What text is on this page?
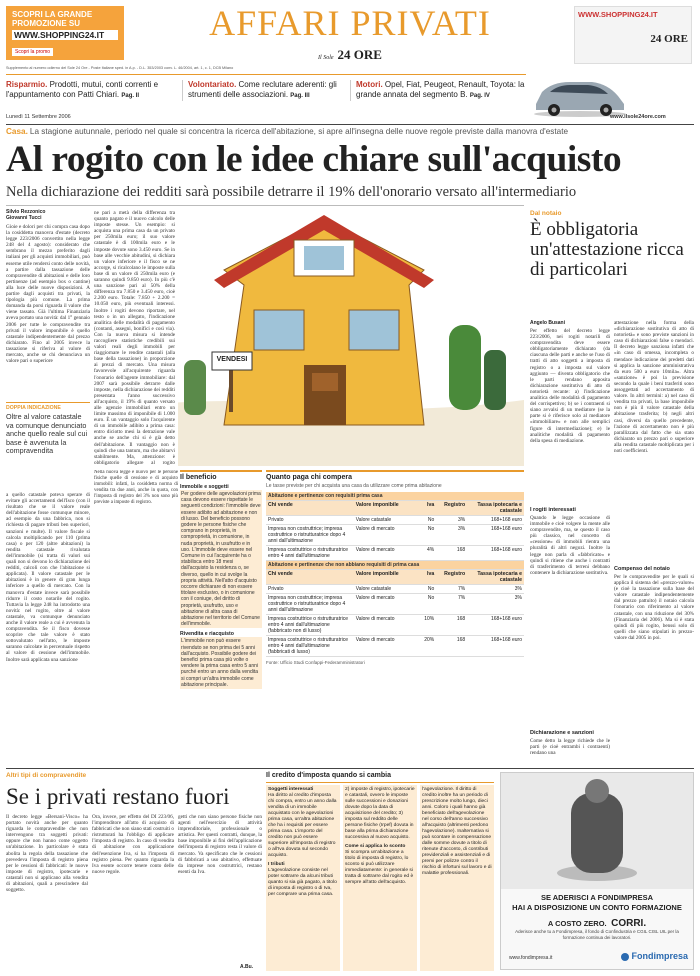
SCOPRI LA GRANDE
PROMOZIONE SU
WWW.SHOPPING24.IT
Scopri la promo
AFFARI PRIVATI
Il Sole 24 ORE
WWW.SHOPPING24.IT
24 ORE
Supplemento al numero odierno del Sole 24 Ore - Poste Italiane sped. in A.p. - D.L. 353/2003 conv. L. 46/2004, art. 1, c. 1, DCB Milano
Risparmio. Prodotti, mutui, conti correnti e l'appuntamento con Patti Chiari. Pag. II
Volontariato. Come reclutare aderenti: gli strumenti delle associazioni. Pag. III
Motori. Opel, Fiat, Peugeot, Renault, Toyota: la grande annata del segmento B. Pag. IV
www.ilsole24ore.com
Lunedì 11 Settembre 2006
Casa. La stagione autunnale, periodo nel quale si concentra la ricerca dell'abitazione, si apre all'insegna delle nuove regole previste dalla manovra d'estate
Al rogito con le idee chiare sull'acquisto
Nella dichiarazione dei redditi sarà possibile detrarre il 19% dell'onorario versato all'intermediario
Silvio Rezzonico
Giovanni Tucci
Gioie e dolori per chi compra casa dopo la cosiddetta manovra d'estate (decreto legge 223/2006 convertito nella legge 248 del 4 agosto): considerato che sembrano il mezzo preferito dagli italiani per gli acquisti immobiliari, può esserne utile rendersi conto delle novità, a partire dalla tassazione delle compravendite di abitazioni e delle loro pertinenze (ad esempio box o cantine) alla luce delle nuove disposizioni. A partire dagli acquisti tra privati, la tipologia più comune. La prima domanda da porsi riguarda il valore che viene tassato. Già l'ultima Finanziaria aveva portato una novità: dal 1° gennaio 2006 per tutte le compravendite tra privati il valore imponibile è quello catastale indipendentemente dal prezzo dichiarato. Fino al 2005 invece la tassazione si riferiva al valore di mercato, anche se chi denunciava un valore pari o superiore
DOPPIA INDICAZIONE
Oltre al valore catastale va comunque denunciato anche quello reale sul cui base è avvenuta la compravendita
a quello catastale poteva sperare di evitare gli accertamenti dell'Isco (con il risultato che se il valore reale dell'abitazione fosse comunque minore, ad esempio da una fabbrica, non si richiesta di pagare tributi ben superiori, sanzioni e multe). Il valore fiscale si calcola moltiplicando per 110 (prima casa) o per 120 (altre abitazioni) la rendita catastale rivalutata dell'immobile (si tratta di valori sui quali non si devono lo dichiarazione dei redditi, calcoli con che l'abitazione si applicata). Il valore catastale per le abitazioni è in genere di gran lunga inferiore a quello di mercato. Con la manovra d'estate invece sarà possibile ridurre il costo notarile del rogito. Tuttavia la legge 248 ha introdotto una novità: nel rogito, oltre al valore catastale, va comunque denunciato anche il valore reale a cui è avvenuta la compravendita. Se il fisco dovesse scoprire che tale valore è stato sottovalutato nell'atto, le imposte saranno calcolate in percentuale rispetto al valore di cessione dell'immobile. Inoltre sarà applicata una sanzione
VENDESI
ne pari a metà della differenza tra quanto pagato e il nuovo calcolo delle imposte stesse. Un esempio: si acquista una prima casa da un privato per 250mila euro; il suo valore catastale è di 100mila euro e le imposte dovute sono 3.450 euro. Se in base alle vecchie abitudini, si dichiara un valore inferiore e il fisco se ne accorge, si ricalcolano le imposte sulla base di un valore di 250mila euro (e saranno quindi 9.850 euro). In più c'è una sanzione pari al 50% della differenza tra 7.850 e 3.450 euro, cioè 2.200 euro. Totale: 7.850 + 2.200 = 10.050 euro, più eventuali interessi. Inoltre i rogiti devono riportare, nel testo o in un allegato, l'indicazione analitica delle modalità di pagamento (contanti, assegni, bonifici e così via). Con la nuova misura si intende raccogliere statistiche credibili sui valori reali degli immobili per riaggiornare le rendite catastali (alla base della tassazione) in proporzione ai prezzi di mercato. Una misura favorevole all'acquirente riguarda l'onorario dell'agente immobiliare: dal 2007 sarà possibile detrarre dalle imposte, nella dichiarazione dei redditi presentata l'anno successivo all'acquisto, il 19% di quanto versato alle agenzie immobiliari entro un limite massimo di imponibile di 1.000 euro. È un vantaggio solo l'acquirente di un immobile adibito a prima casa: entro diciotto mesi la detrazione vale anche se anche chi si è già detto dell'abitazione. Il vantaggio non è quindi che una tantum, ma che abitarvi stabilmente. Ma, attenzione: è obbligatorio allegare al rogito
Il beneficio
Immobile e soggetti
Per godere delle agevolazioni prima casa devono essere rispettate le seguenti condizioni: l'immobile deve essere adibito ad abitazione e non di lusso. Del beneficio possono godere le persone fisiche che comprano in proprietà, in comproprietà, in comunione, in nuda proprietà, in usufrutto e in uso. L'immobile deve essere nel Comune in cui l'acquirente ha o stabilisca entro 18 mesi dall'acquisto la residenza o, se diverso, quello in cui svolge la propria attività. Nell'atto d'acquisto occorre dichiarare di non essere titolare esclusivo, o in comunione con il coniuge, del diritto di proprietà, usufrutto, uso e abitazione di altra casa di abitazione nel territorio del Comune dell'immobile.
Rivendita e riacquisto
L'immobile non può essere rivenduto se non prima dei 5 anni dall'acquisto. Possibile godere dei benefici prima casa più volte o vendere la prima casa entro 5 anni purché entro un anno dalla vendita si compri un'altra immobile come abitazione principale.
Nella nuova legge è nuovo per le persone fisiche quelle di cessione e di acquisto immobili: infatti, la cosiddetta norma di vendita tra due anni, anche in quota, con l'imposta di registro del 3% non sono più previste a imposte di registro.
Quanto paga chi compera
Le tasse previste per chi acquista una casa da utilizzare come prima abitazione
Abitazione e pertinenze con requisiti prima casa				
Chi vende	Valore imponibile	Iva	Registro	Tassa ipotecaria e catastale
Privato	Valore catastale	No	3%	168+168 euro
Impresa non costruttrice; impresa costruttrice o ristrutturatrice dopo 4 anni dall'ultimazione	Valore di mercato	No	3%	168+168 euro
Impresa costruttrice o ristrutturatrice entro 4 anni dall'ultimazione	Valore di mercato	4%	168	168+168 euro
Abitazione e pertinenze che non abbiano requisiti di prima casa				
Chi vende	Valore imponibile	Iva	Registro	Tassa ipotecaria e catastale
Privato	Valore catastale	No	7%	3%
Impresa non costruttrice; impresa costruttrice o ristrutturatrice dopo 4 anni dall'ultimazione	Valore di mercato	No	7%	3%
Impresa costruttrice o ristrutturatrice entro 4 anni dall'ultimazione (fabbricato non di lusso)	Valore di mercato	10%	168	168+168 euro
Impresa costruttrice o ristrutturatrice entro 4 anni dall'ultimazione (fabbricati di lusso)	Valore di mercato	20%	168	168+168 euro
Fonte: Ufficio Studi Confappi-Federamministratori
Dal notaio
È obbligatoria un'attestazione ricca di particolari
Angelo Busani
Per effetto del decreto legge 223/2006, nei rogiti notarili di compravendita deve essere obbligatoriamente dichiarato (da ciascuna delle parti e anche se l'uso di tratti di atto soggetti a imposta di registro o a imposta sul valore aggiunto — diventa obbligatorio che le parti rendano apposita dichiarazione sostitutiva di atto di notorietà recante: a) l'indicazione analitica delle modalità di pagamento del corrispettivo; b) se i contraenti si siano avvalsi di un mediatore (se la parte si è riferisce solo al mediatore «immobiliare» e non alle semplici figure di intermediazione); e) le analitiche modalità di pagamento della spesa di mediazione.
I rogiti interessati
Quando le legge occasione di immobile e cioè volgere la mente alle compravendite, ma, se questo il caso più classico, nel concetto di «cessione» di immobili rientra una pluralità di altri negozi. Inoltre la legge non parla di «fabbricato» e quindi si ritiene che anche i contratti di trasferimento di terreni debbano contenere la dichiarazione sostitutiva.
Dichiarazione e sanzioni
Come detto la legge richiede che le parti (e cioè entrambi i contraenti) rendano una
attestazione nella forma della «dichiarazione sostitutiva di atto di notorietà» e sono previste sanzioni in caso di dichiarazioni false o mendaci. Il decreto legge sanziona infatti che «in caso di omessa, incompleta o mendace indicazione dei predetti dati si applica la sanzione amministrativa da euro 500 a euro 10mila». Altra «sanzione» è poi la previsione secondo la quale i beni trasferiti sono assoggettati ad accertamento di valore. In altri termini: a) nel caso di vendita tra privati, la base imponibile non è più il valore catastale della abitazione trasferita; b) negli altri casi, diversi da quello precedente, l'azione di accertamento non è più parallizzata dal fatto che sia stato dichiarato un prezzo pari o superiore alla rendita catastale moltiplicata per i noti coefficienti.
Compenso del notaio
Per le compravendite per le quali si applica il sistema del «prezzo-valore» (e cioè la tassazione sulla base del valore catastale indipendentemente dal prezzo pattuito) il notaio calcola l'onorario con riferimento al valore catastale, con una riduzione del 30% (Finanziaria del 2006). Ma si è stata quindi di più rogito, benssi solo di quelli che siano stipulati in prezzo-valore dal 2005 in poi.
Altri tipi di compravendite
Se i privati restano fuori
Il decreto legge «Bersani-Visco» ha portato novità anche per quanto riguarda le compravendite che non intervengono tra soggetti privati: oppure che non hanno come oggetto un'abitazione. In particolare è stata abolita la regola della tassazione che prevedeva l'imposta di registro piena per le cessioni di fabbricati: le nuove imposte di registro, ipotecarie e catastali non si applicano alla vendita di abitazioni, quali a prescindere dal soggetto.
Ora, invece, per effetto del DI 223/06, l'imprenditore all'atto di acquisto di fabbricati che non siano stati costruiti o ristrutturati ha l'obbligo di applicare l'imposta di registro. In caso di vendita di abitazione con applicazione dell'esenzione Iva, si ha l'imposta di registro piena. Per quanto riguarda la Iva esente occorre tenere conto delle nuove regole.
getti che non siano persone fisiche non agenti nell'esercizio di attività imprenditoriale, professionale o artistica. Per questi contratti, dunque, la base imponibile ai fini dell'applicazione dell'imposta di registro resta il valore di mercato. Va specificato che le cessioni di fabbricati a uso abitativo, effettuate da imprese non costruttrici, restano esenti da Iva.
A.Bu.
Il credito d'imposta quando si cambia
Soggetti interessati
Ha diritto al credito d'imposta chi compra, entro un anno dalla vendita di un immobile acquistato con le agevolazioni prima casa, un'altra abitazione che ha i requisiti per essere prima casa. L'importo del credito non può essere superiore all'imposta di registro o all'Iva dovuta sul secondo acquisto.
I tributi
L'agevolazione consiste nel poter sottrarre da alcuni tributi quanto si sia già pagato, a titolo di imposta di registro o di Iva, per comprare una prima casa.
2) imposte di registro, ipotecarie e catastali, ovvero le imposte sulle successioni e donazioni dovute dopo la data di acquisizione del credito; 3) imposta sul reddito delle persone fisiche (Irpef) dovuta in base alla prima dichiarazione successiva al nuovo acquisto.
Come si applica lo sconto
Si scompra un'abitazione a titolo di imposta di registro, lo sconto si può utilizzare immediatamente: in generale si tratta di sottrarre dal rogito ed è sempre all'atto dell'acquisto.
l'agevolazione. Il diritto di credito inoltre ha un periodo di prescrizione molto lungo, dieci anni. Coloro i quali hanno già beneficiato dell'agevolazione nel corso dell'anno successivo all'acquisto (altrimenti perdono l'agevolazione). Inalternativa si può scontare in compensazione dalle somme dovute a titolo di ritenute d'acconto, di contributi previdenziali e assistenziali e di premi per polizze contro il rischio di infortuni sul lavoro e di malattie professionali.
SE ADERISCI A FONDIMPRESA
HAI A DISPOSIZIONE UN CONTO FORMAZIONE
A COSTO ZERO. CORRI.
Aderisce anche tu a Fondimpresa, il fondo di Confindustria e CGIL CISL UIL per la formazione continua dei lavoratori.
www.fondimpresa.it	Fondimpresa
